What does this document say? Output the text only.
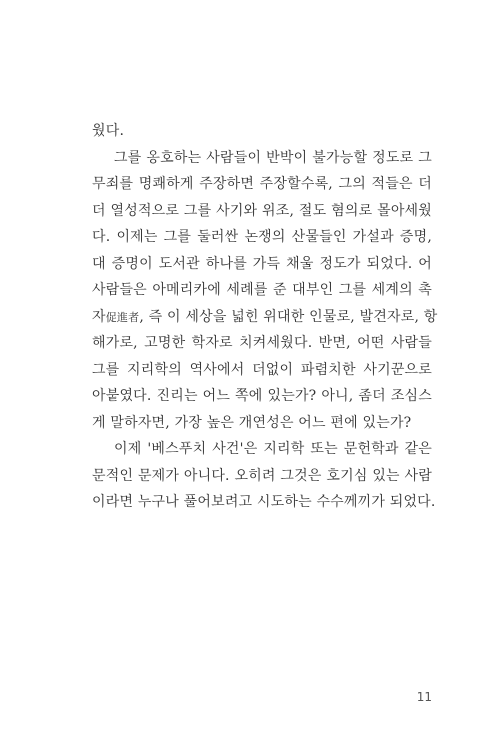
웠다.
그를 옹호하는 사람들이 반박이 불가능할 정도로 그
무죄를 명쾌하게 주장하면 주장할수록, 그의 적들은 더
더 열성적으로 그를 사기와 위조, 절도 혐의로 몰아세웠
다. 이제는 그를 둘러싼 논쟁의 산물들인 가설과 증명,
대 증명이 도서관 하나를 가득 채울 정도가 되었다. 어
사람들은 아메리카에 세례를 준 대부인 그를 세계의 촉
자促進者, 즉 이 세상을 넓힌 위대한 인물로, 발견자로, 항
해가로, 고명한 학자로 치켜세웠다. 반면, 어떤 사람들
그를 지리학의 역사에서 더없이 파렴치한 사기꾼으로
아붙였다. 진리는 어느 쪽에 있는가? 아니, 좀더 조심스
게 말하자면, 가장 높은 개연성은 어느 편에 있는가?
이제 '베스푸치 사건'은 지리학 또는 문헌학과 같은
문적인 문제가 아니다. 오히려 그것은 호기심 있는 사람
이라면 누구나 풀어보려고 시도하는 수수께끼가 되었다.
11
